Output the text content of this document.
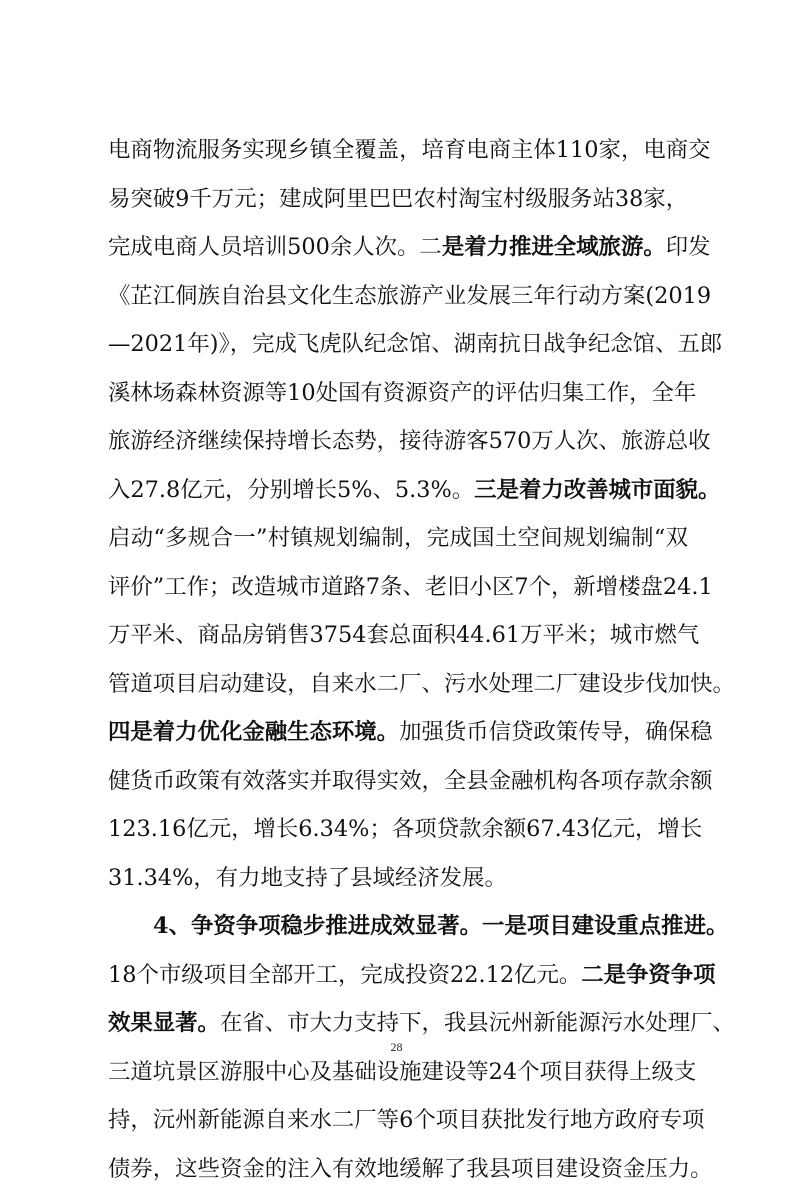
电商物流服务实现乡镇全覆盖，培育电商主体110家，电商交
易突破9千万元；建成阿里巴巴农村淘宝村级服务站38家，
完成电商人员培训500余人次。二是着力推进全域旅游。印发
《芷江侗族自治县文化生态旅游产业发展三年行动方案(2019
—2021年)》，完成飞虎队纪念馆、湖南抗日战争纪念馆、五郎
溪林场森林资源等10处国有资源资产的评估归集工作，全年
旅游经济继续保持增长态势，接待游客570万人次、旅游总收
入27.8亿元，分别增长5%、5.3%。三是着力改善城市面貌。
启动“多规合一”村镇规划编制，完成国土空间规划编制“双
评价”工作；改造城市道路7条、老旧小区7个，新增楼盘24.1
万平米、商品房销售3754套总面积44.61万平米；城市燃气
管道项目启动建设，自来水二厂、污水处理二厂建设步伐加快。
四是着力优化金融生态环境。加强货币信贷政策传导，确保稳
健货币政策有效落实并取得实效，全县金融机构各项存款余额
123.16亿元，增长6.34%；各项贷款余额67.43亿元，增长
31.34%，有力地支持了县域经济发展。
4、争资争项稳步推进成效显著。一是项目建设重点推进。
18个市级项目全部开工，完成投资22.12亿元。二是争资争项
效果显著。在省、市大力支持下，我县沅州新能源污水处理厂、
三道坑景区游服中心及基础设施建设等24个项目获得上级支
持，沅州新能源自来水二厂等6个项目获批发行地方政府专项
债券，这些资金的注入有效地缓解了我县项目建设资金压力。
28
